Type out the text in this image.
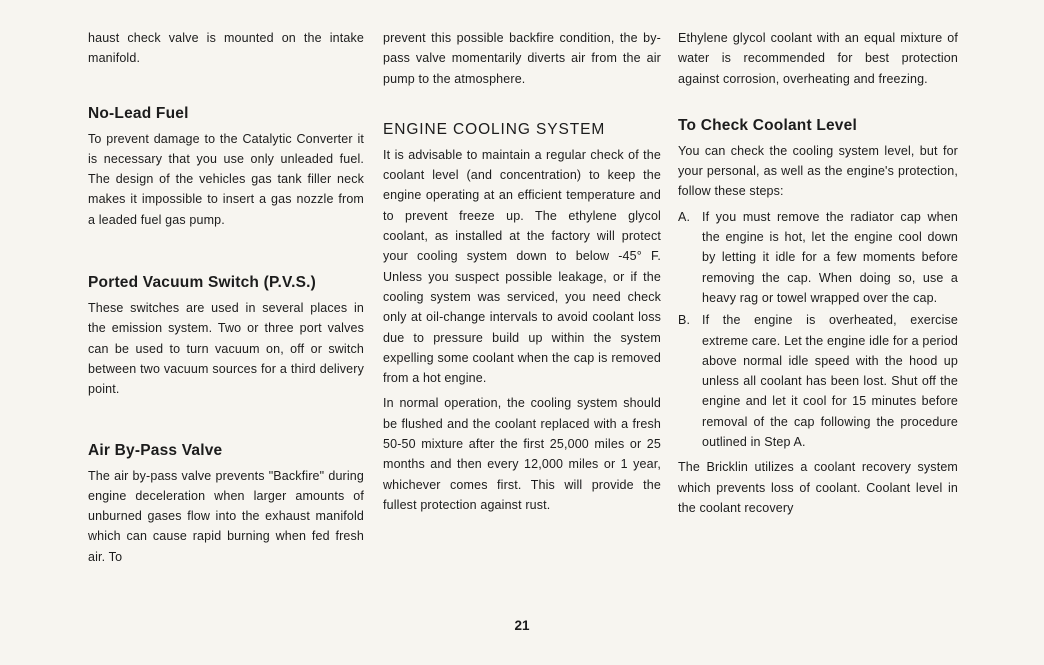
haust check valve is mounted on the intake manifold.

No-Lead Fuel

To prevent damage to the Catalytic Converter it is necessary that you use only unleaded fuel. The design of the vehicles gas tank filler neck makes it impossible to insert a gas nozzle from a leaded fuel gas pump.

Ported Vacuum Switch (P.V.S.)

These switches are used in several places in the emission system. Two or three port valves can be used to turn vacuum on, off or switch between two vacuum sources for a third delivery point.

Air By-Pass Valve

The air by-pass valve prevents "Backfire" during engine deceleration when larger amounts of unburned gases flow into the exhaust manifold which can cause rapid burning when fed fresh air. To

prevent this possible backfire condition, the by-pass valve momentarily diverts air from the air pump to the atmosphere.

ENGINE COOLING SYSTEM

It is advisable to maintain a regular check of the coolant level (and concentration) to keep the engine operating at an efficient temperature and to prevent freeze up. The ethylene glycol coolant, as installed at the factory will protect your cooling system down to below -45° F. Unless you suspect possible leakage, or if the cooling system was serviced, you need check only at oil-change intervals to avoid coolant loss due to pressure build up within the system expelling some coolant when the cap is removed from a hot engine.

In normal operation, the cooling system should be flushed and the coolant replaced with a fresh 50-50 mixture after the first 25,000 miles or 25 months and then every 12,000 miles or 1 year, whichever comes first. This will provide the fullest protection against rust.

Ethylene glycol coolant with an equal mixture of water is recommended for best protection against corrosion, overheating and freezing.

To Check Coolant Level

You can check the cooling system level, but for your personal, as well as the engine's protection, follow these steps:

A. If you must remove the radiator cap when the engine is hot, let the engine cool down by letting it idle for a few moments before removing the cap. When doing so, use a heavy rag or towel wrapped over the cap.
B. If the engine is overheated, exercise extreme care. Let the engine idle for a period above normal idle speed with the hood up unless all coolant has been lost. Shut off the engine and let it cool for 15 minutes before removal of the cap following the procedure outlined in Step A.

The Bricklin utilizes a coolant recovery system which prevents loss of coolant. Coolant level in the coolant recovery

21
